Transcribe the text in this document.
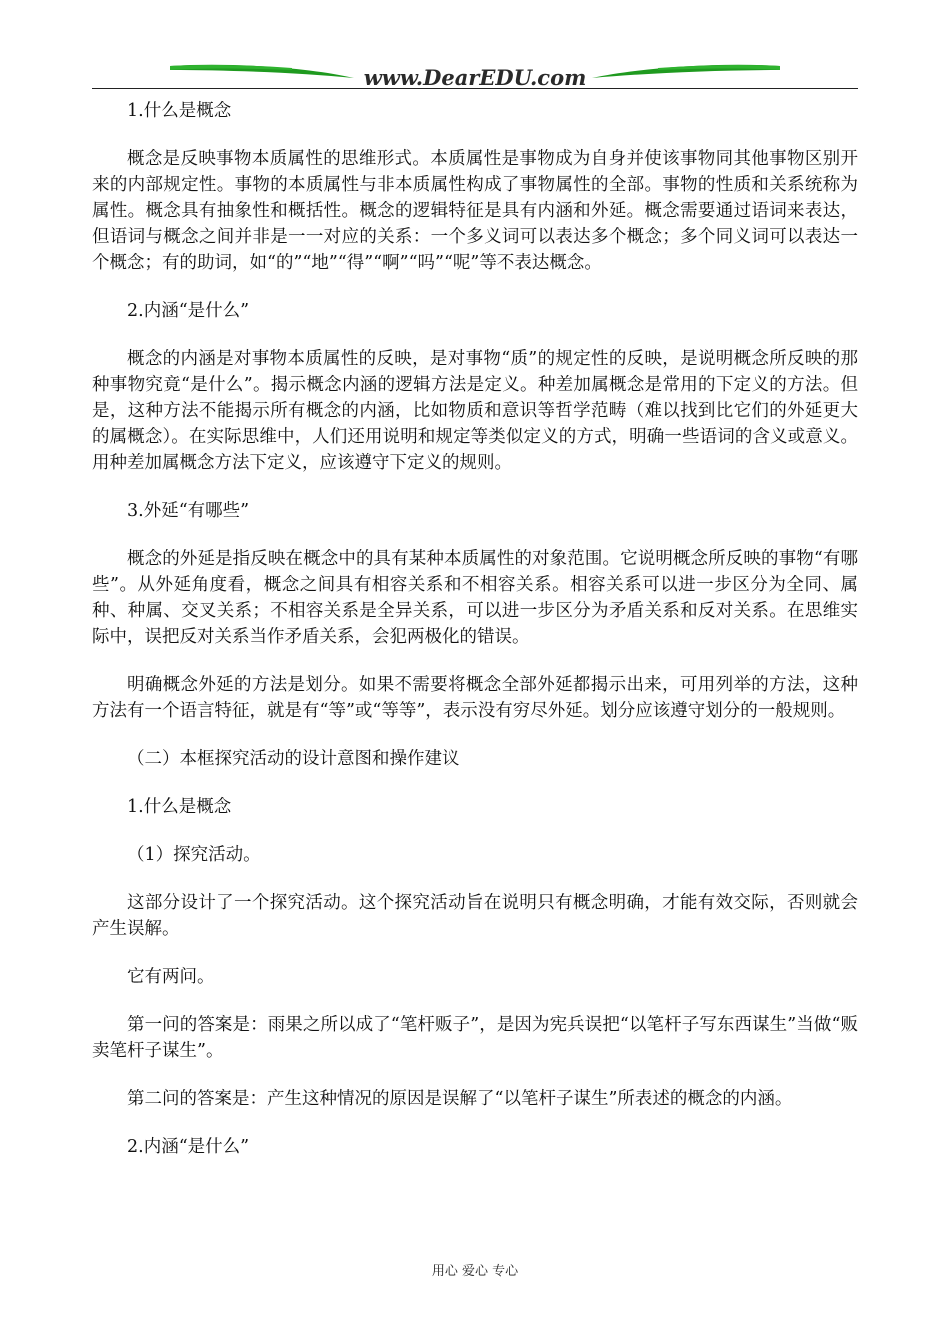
www.DearEDU.com

1.什么是概念

概念是反映事物本质属性的思维形式。本质属性是事物成为自身并使该事物同其他事物区别开来的内部规定性。事物的本质属性与非本质属性构成了事物属性的全部。事物的性质和关系统称为属性。概念具有抽象性和概括性。概念的逻辑特征是具有内涵和外延。概念需要通过语词来表达，但语词与概念之间并非是一一对应的关系：一个多义词可以表达多个概念；多个同义词可以表达一个概念；有的助词，如“的”“地”“得”“啊”“吗”“呢”等不表达概念。

2.内涵“是什么”

概念的内涵是对事物本质属性的反映，是对事物“质”的规定性的反映，是说明概念所反映的那种事物究竟“是什么”。揭示概念内涵的逻辑方法是定义。种差加属概念是常用的下定义的方法。但是，这种方法不能揭示所有概念的内涵，比如物质和意识等哲学范畴（难以找到比它们的外延更大的属概念）。在实际思维中，人们还用说明和规定等类似定义的方式，明确一些语词的含义或意义。用种差加属概念方法下定义，应该遵守下定义的规则。

3.外延“有哪些”

概念的外延是指反映在概念中的具有某种本质属性的对象范围。它说明概念所反映的事物“有哪些”。从外延角度看，概念之间具有相容关系和不相容关系。相容关系可以进一步区分为全同、属种、种属、交叉关系；不相容关系是全异关系，可以进一步区分为矛盾关系和反对关系。在思维实际中，误把反对关系当作矛盾关系，会犯两极化的错误。

明确概念外延的方法是划分。如果不需要将概念全部外延都揭示出来，可用列举的方法，这种方法有一个语言特征，就是有“等”或“等等”，表示没有穷尽外延。划分应该遵守划分的一般规则。

（二）本框探究活动的设计意图和操作建议

1.什么是概念

（1）探究活动。

这部分设计了一个探究活动。这个探究活动旨在说明只有概念明确，才能有效交际，否则就会产生误解。

它有两问。

第一问的答案是：雨果之所以成了“笔杆贩子”，是因为宪兵误把“以笔杆子写东西谋生”当做“贩卖笔杆子谋生”。

第二问的答案是：产生这种情况的原因是误解了“以笔杆子谋生”所表述的概念的内涵。

2.内涵“是什么”

用心 爱心 专心
